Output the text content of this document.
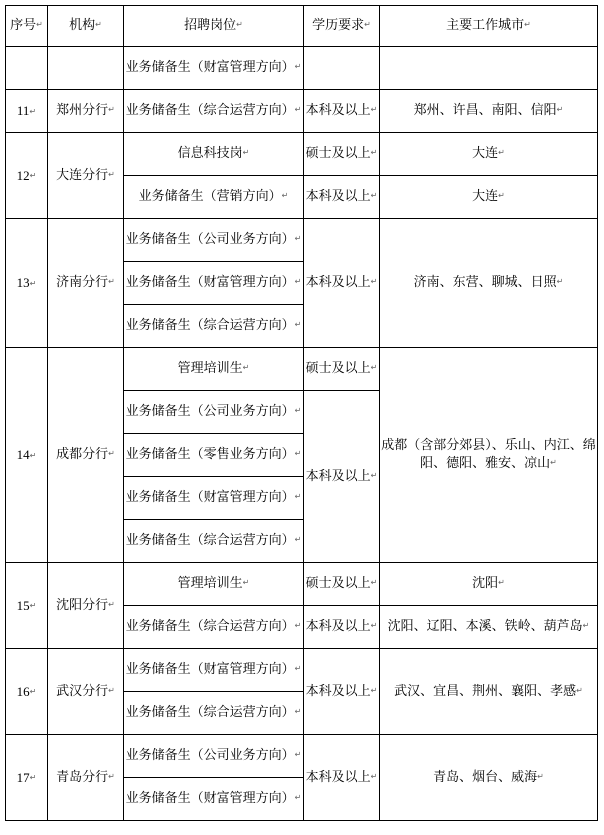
序号 ↵	机构 ↵	招聘岗位 ↵	学历要求 ↵	主要工作城市 ↵
		业务储备生（财富管理方向） ↵		
11 ↵	郑州分行 ↵	业务储备生（综合运营方向） ↵	本科及以上 ↵	郑州、许昌、南阳、信阳 ↵
12 ↵	大连分行 ↵	信息科技岗 ↵	硕士及以上 ↵	大连 ↵
		业务储备生（营销方向） ↵	本科及以上 ↵	大连 ↵
13 ↵	济南分行 ↵	业务储备生（公司业务方向） ↵	本科及以上 ↵	济南、东营、聊城、日照 ↵
		业务储备生（财富管理方向） ↵
		业务储备生（综合运营方向） ↵
14 ↵	成都分行 ↵	管理培训生 ↵	硕士及以上 ↵	成都（含部分郊县）、乐山、内江、绵阳、德阳、雅安、凉山 ↵
		业务储备生（公司业务方向） ↵	本科及以上 ↵
		业务储备生（零售业务方向） ↵
		业务储备生（财富管理方向） ↵
		业务储备生（综合运营方向） ↵
15 ↵	沈阳分行 ↵	管理培训生 ↵	硕士及以上 ↵	沈阳 ↵
		业务储备生（综合运营方向） ↵	本科及以上 ↵	沈阳、辽阳、本溪、铁岭、葫芦岛 ↵
16 ↵	武汉分行 ↵	业务储备生（财富管理方向） ↵	本科及以上 ↵	武汉、宜昌、荆州、襄阳、孝感 ↵
		业务储备生（综合运营方向） ↵
17 ↵	青岛分行 ↵	业务储备生（公司业务方向） ↵	本科及以上 ↵	青岛、烟台、威海 ↵
		业务储备生（财富管理方向） ↵
